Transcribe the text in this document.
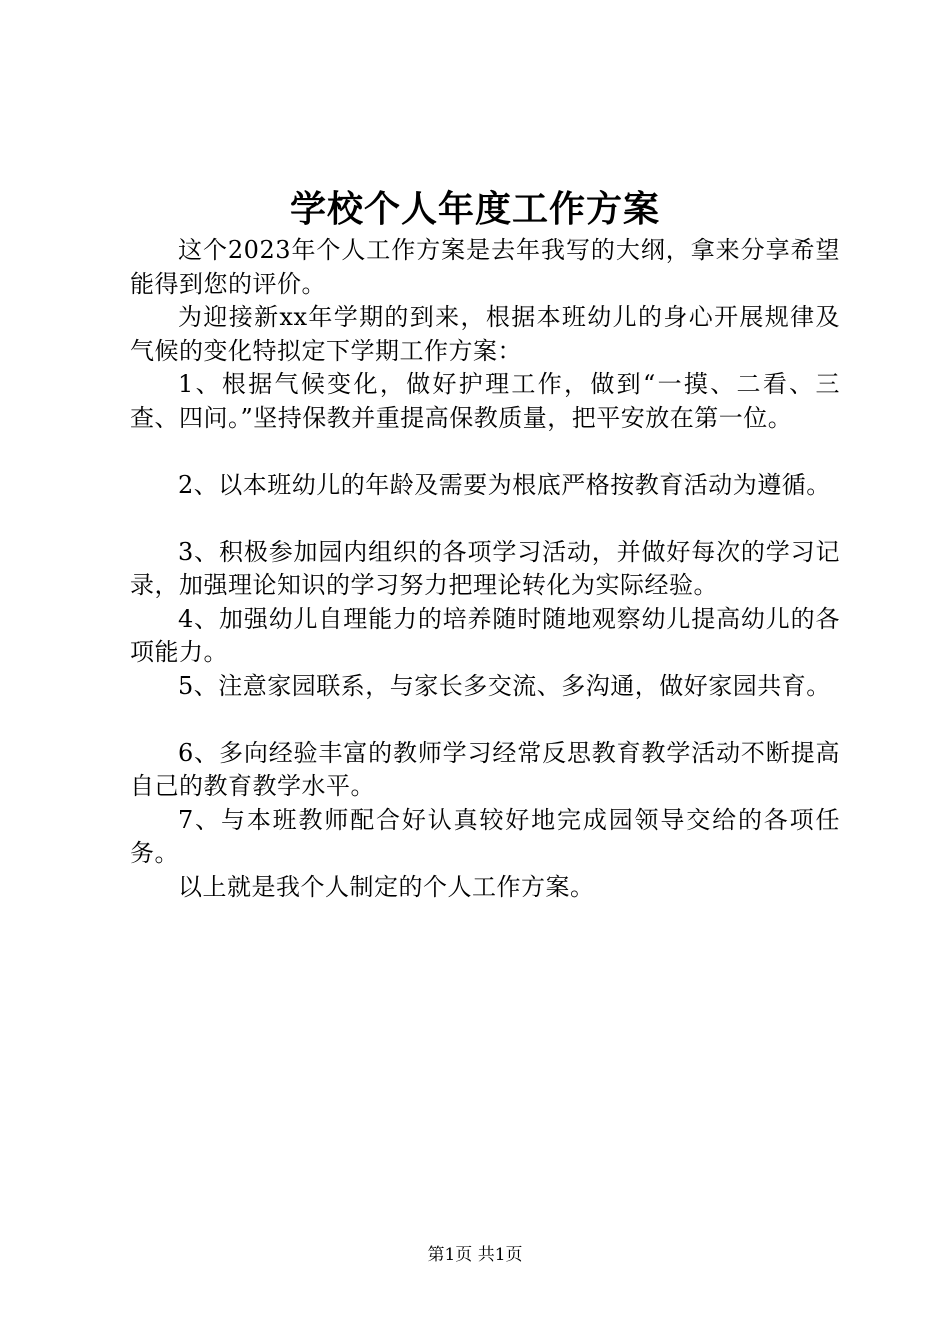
学校个人年度工作方案

这个2023年个人工作方案是去年我写的大纲，拿来分享希望能得到您的评价。

为迎接新xx年学期的到来，根据本班幼儿的身心开展规律及气候的变化特拟定下学期工作方案：

1、根据气候变化，做好护理工作，做到“一摸、二看、三查、四问。”坚持保教并重提高保教质量，把平安放在第一位。

2、以本班幼儿的年龄及需要为根底严格按教育活动为遵循。

3、积极参加园内组织的各项学习活动，并做好每次的学习记录，加强理论知识的学习努力把理论转化为实际经验。

4、加强幼儿自理能力的培养随时随地观察幼儿提高幼儿的各项能力。

5、注意家园联系，与家长多交流、多沟通，做好家园共育。

6、多向经验丰富的教师学习经常反思教育教学活动不断提高自己的教育教学水平。

7、与本班教师配合好认真较好地完成园领导交给的各项任务。

以上就是我个人制定的个人工作方案。

第1页 共1页
